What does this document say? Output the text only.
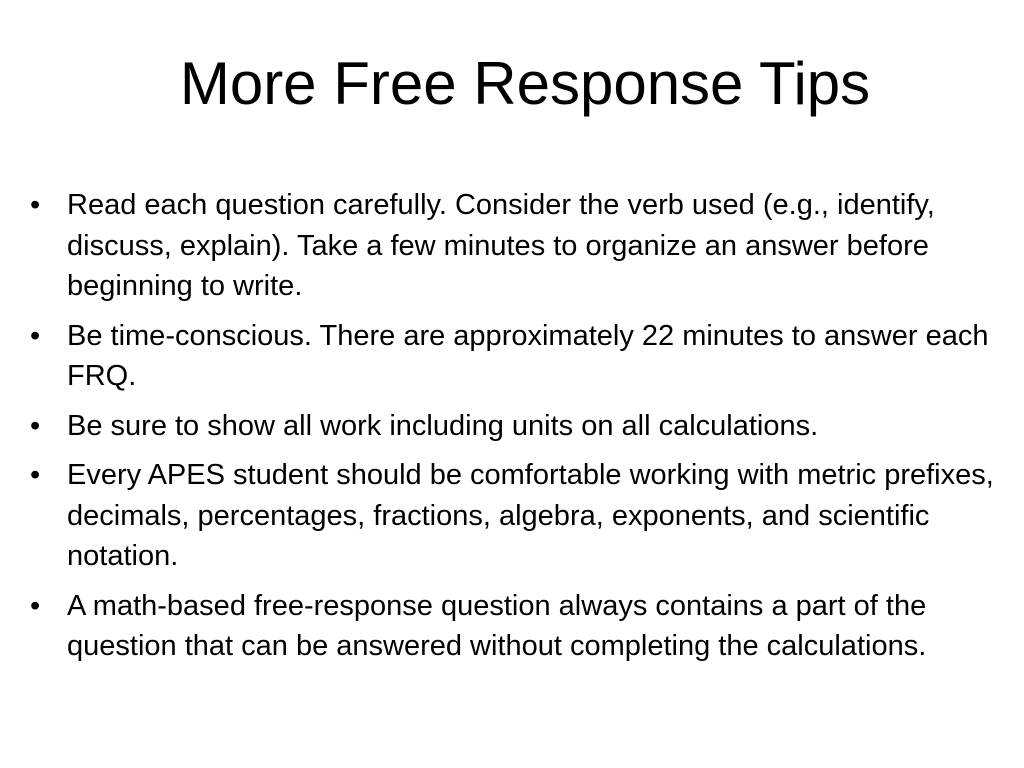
More Free Response Tips
• Read each question carefully. Consider the verb used (e.g., identify, discuss, explain). Take a few minutes to organize an answer before beginning to write.
• Be time-conscious. There are approximately 22 minutes to answer each FRQ.
• Be sure to show all work including units on all calculations.
• Every APES student should be comfortable working with metric prefixes, decimals, percentages, fractions, algebra, exponents, and scientific notation.
• A math-based free-response question always contains a part of the question that can be answered without completing the calculations.
